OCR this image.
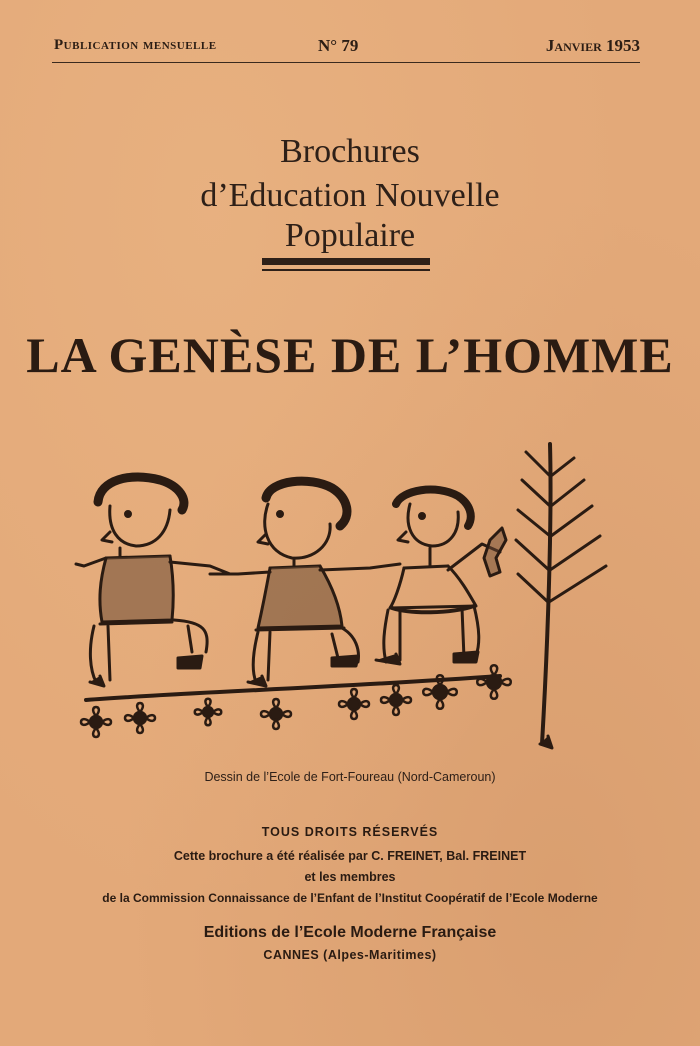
Publication mensuelle	N° 79	Janvier 1953
Brochures
d’Education Nouvelle
Populaire
LA GENÈSE DE L’HOMME
Dessin de l’Ecole de Fort-Foureau (Nord-Cameroun)
TOUS DROITS RÉSERVÉS
Cette brochure a été réalisée par C. FREINET, Bal. FREINET
et les membres
de la Commission Connaissance de l’Enfant de l’Institut Coopératif de l’Ecole Moderne
Editions de l’Ecole Moderne Française
CANNES (Alpes-Maritimes)
